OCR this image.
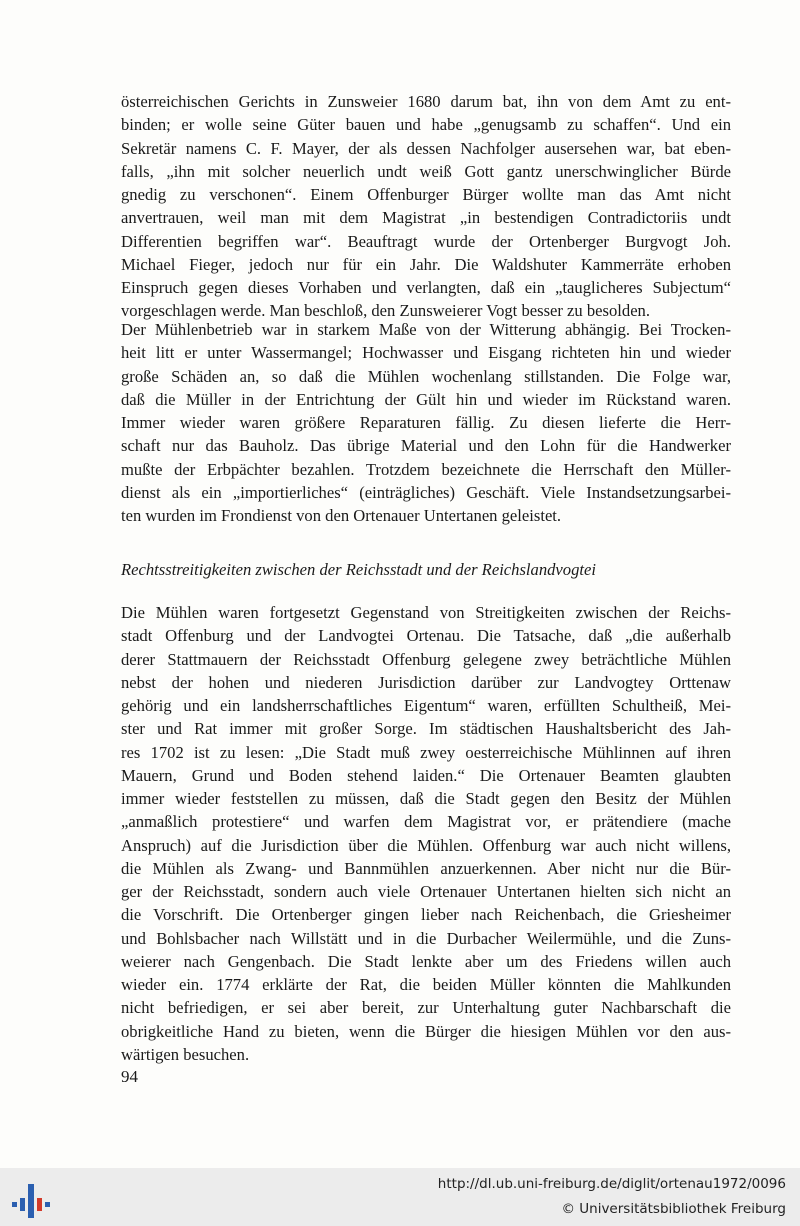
österreichischen Gerichts in Zunsweier 1680 darum bat, ihn von dem Amt zu ent-
binden; er wolle seine Güter bauen und habe „genugsamb zu schaffen“. Und ein
Sekretär namens C. F. Mayer, der als dessen Nachfolger ausersehen war, bat eben-
falls, „ihn mit solcher neuerlich undt weiß Gott gantz unerschwinglicher Bürde
gnedig zu verschonen“. Einem Offenburger Bürger wollte man das Amt nicht
anvertrauen, weil man mit dem Magistrat „in bestendigen Contradictoriis undt
Differentien begriffen war“. Beauftragt wurde der Ortenberger Burgvogt Joh.
Michael Fieger, jedoch nur für ein Jahr. Die Waldshuter Kammerräte erhoben
Einspruch gegen dieses Vorhaben und verlangten, daß ein „tauglicheres Subjectum“
vorgeschlagen werde. Man beschloß, den Zunsweierer Vogt besser zu besolden.
Der Mühlenbetrieb war in starkem Maße von der Witterung abhängig. Bei Trocken-
heit litt er unter Wassermangel; Hochwasser und Eisgang richteten hin und wieder
große Schäden an, so daß die Mühlen wochenlang stillstanden. Die Folge war,
daß die Müller in der Entrichtung der Gült hin und wieder im Rückstand waren.
Immer wieder waren größere Reparaturen fällig. Zu diesen lieferte die Herr-
schaft nur das Bauholz. Das übrige Material und den Lohn für die Handwerker
mußte der Erbpächter bezahlen. Trotzdem bezeichnete die Herrschaft den Müller-
dienst als ein „importierliches“ (einträgliches) Geschäft. Viele Instandsetzungsarbei-
ten wurden im Frondienst von den Ortenauer Untertanen geleistet.
Rechtsstreitigkeiten zwischen der Reichsstadt und der Reichslandvogtei
Die Mühlen waren fortgesetzt Gegenstand von Streitigkeiten zwischen der Reichs-
stadt Offenburg und der Landvogtei Ortenau. Die Tatsache, daß „die außerhalb
derer Stattmauern der Reichsstadt Offenburg gelegene zwey beträchtliche Mühlen
nebst der hohen und niederen Jurisdiction darüber zur Landvogtey Orttenaw
gehörig und ein landsherrschaftliches Eigentum“ waren, erfüllten Schultheiß, Mei-
ster und Rat immer mit großer Sorge. Im städtischen Haushaltsbericht des Jah-
res 1702 ist zu lesen: „Die Stadt muß zwey oesterreichische Mühlinnen auf ihren
Mauern, Grund und Boden stehend laiden.“ Die Ortenauer Beamten glaubten
immer wieder feststellen zu müssen, daß die Stadt gegen den Besitz der Mühlen
„anmaßlich protestiere“ und warfen dem Magistrat vor, er prätendiere (mache
Anspruch) auf die Jurisdiction über die Mühlen. Offenburg war auch nicht willens,
die Mühlen als Zwang- und Bannmühlen anzuerkennen. Aber nicht nur die Bür-
ger der Reichsstadt, sondern auch viele Ortenauer Untertanen hielten sich nicht an
die Vorschrift. Die Ortenberger gingen lieber nach Reichenbach, die Griesheimer
und Bohlsbacher nach Willstätt und in die Durbacher Weilermühle, und die Zuns-
weierer nach Gengenbach. Die Stadt lenkte aber um des Friedens willen auch
wieder ein. 1774 erklärte der Rat, die beiden Müller könnten die Mahlkunden
nicht befriedigen, er sei aber bereit, zur Unterhaltung guter Nachbarschaft die
obrigkeitliche Hand zu bieten, wenn die Bürger die hiesigen Mühlen vor den aus-
wärtigen besuchen.
94
http://dl.ub.uni-freiburg.de/diglit/ortenau1972/0096
© Universitätsbibliothek Freiburg
